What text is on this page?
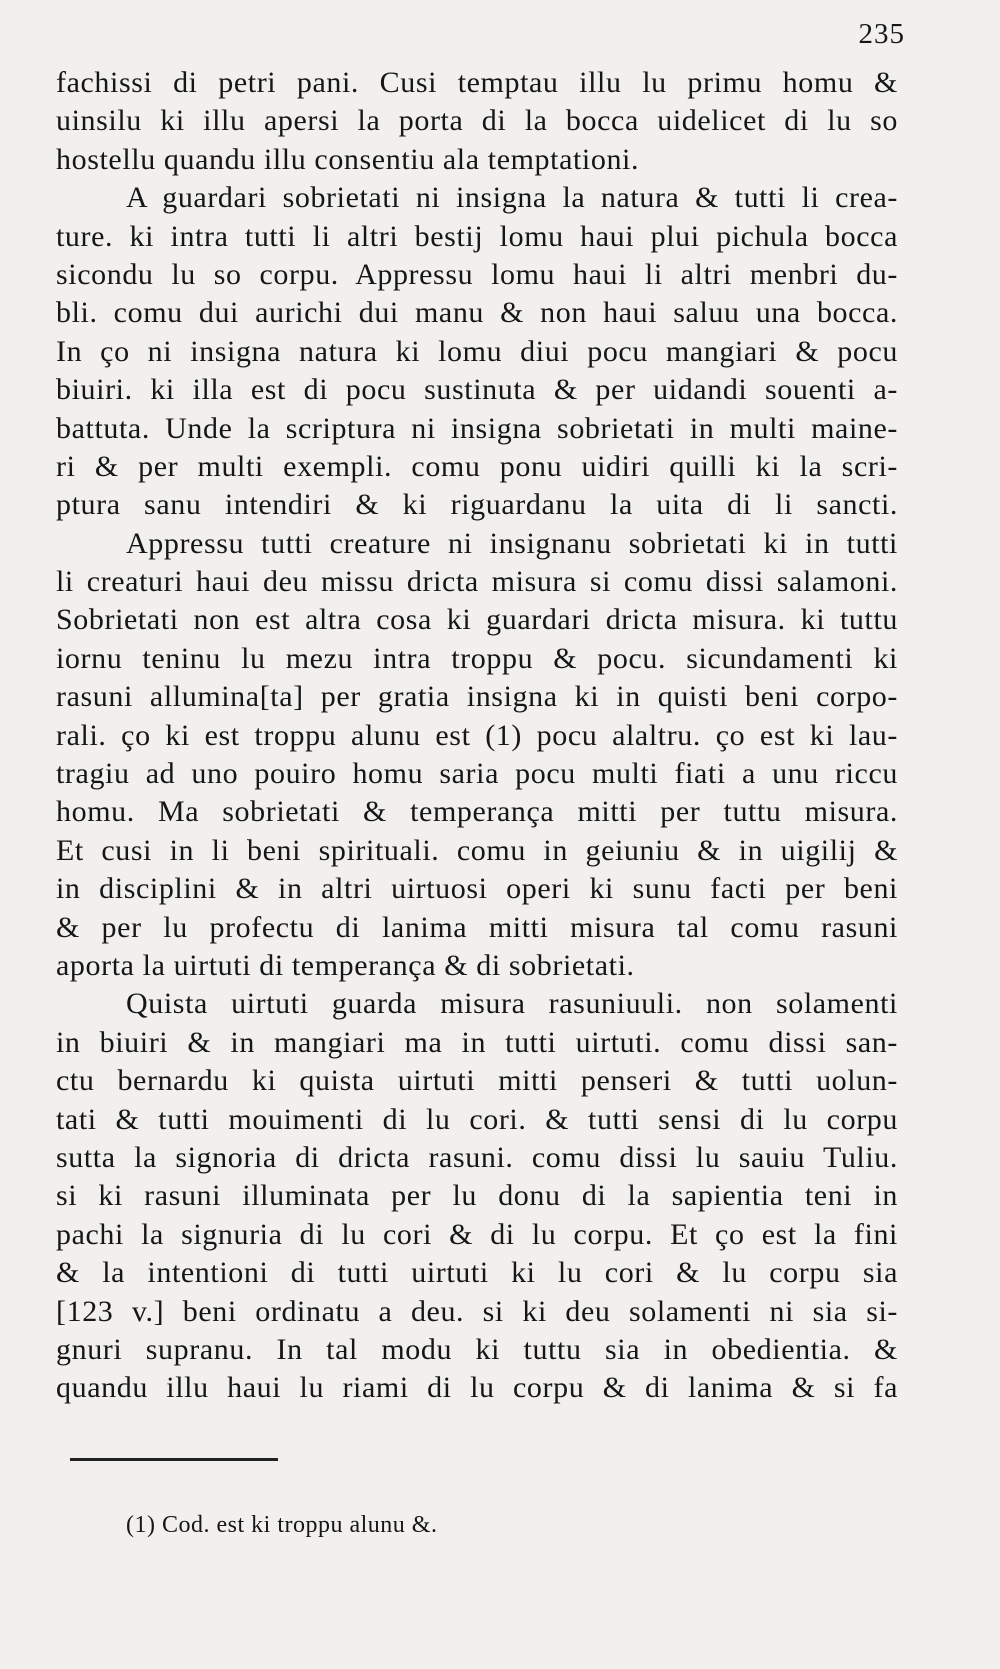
235
fachissi di petri pani. Cusi temptau illu lu primu homu &
uinsilu ki illu apersi la porta di la bocca uidelicet di lu so
hostellu quandu illu consentiu ala temptationi.
A guardari sobrietati ni insigna la natura & tutti li crea-
ture. ki intra tutti li altri bestij lomu haui plui pichula bocca
sicondu lu so corpu. Appressu lomu haui li altri menbri du-
bli. comu dui aurichi dui manu & non haui saluu una bocca.
In ço ni insigna natura ki lomu diui pocu mangiari & pocu
biuiri. ki illa est di pocu sustinuta & per uidandi souenti a-
battuta. Unde la scriptura ni insigna sobrietati in multi maine-
ri & per multi exempli. comu ponu uidiri quilli ki la scri-
ptura sanu intendiri & ki riguardanu la uita di li sancti.
Appressu tutti creature ni insignanu sobrietati ki in tutti
li creaturi haui deu missu dricta misura si comu dissi salamoni.
Sobrietati non est altra cosa ki guardari dricta misura. ki tuttu
iornu teninu lu mezu intra troppu & pocu. sicundamenti ki
rasuni allumina[ta] per gratia insigna ki in quisti beni corpo-
rali. ço ki est troppu alunu est (1) pocu alaltru. ço est ki lau-
tragiu ad uno pouiro homu saria pocu multi fiati a unu riccu
homu. Ma sobrietati & temperança mitti per tuttu misura.
Et cusi in li beni spirituali. comu in geiuniu & in uigilij &
in disciplini & in altri uirtuosi operi ki sunu facti per beni
& per lu profectu di lanima mitti misura tal comu rasuni
aporta la uirtuti di temperança & di sobrietati.
Quista uirtuti guarda misura rasuniuuli. non solamenti
in biuiri & in mangiari ma in tutti uirtuti. comu dissi san-
ctu bernardu ki quista uirtuti mitti penseri & tutti uolun-
tati & tutti mouimenti di lu cori. & tutti sensi di lu corpu
sutta la signoria di dricta rasuni. comu dissi lu sauiu Tuliu.
si ki rasuni illuminata per lu donu di la sapientia teni in
pachi la signuria di lu cori & di lu corpu. Et ço est la fini
& la intentioni di tutti uirtuti ki lu cori & lu corpu sia
[123 v.] beni ordinatu a deu. si ki deu solamenti ni sia si-
gnuri supranu. In tal modu ki tuttu sia in obedientia. &
quandu illu haui lu riami di lu corpu & di lanima & si fa
(1) Cod. est ki troppu alunu &.
